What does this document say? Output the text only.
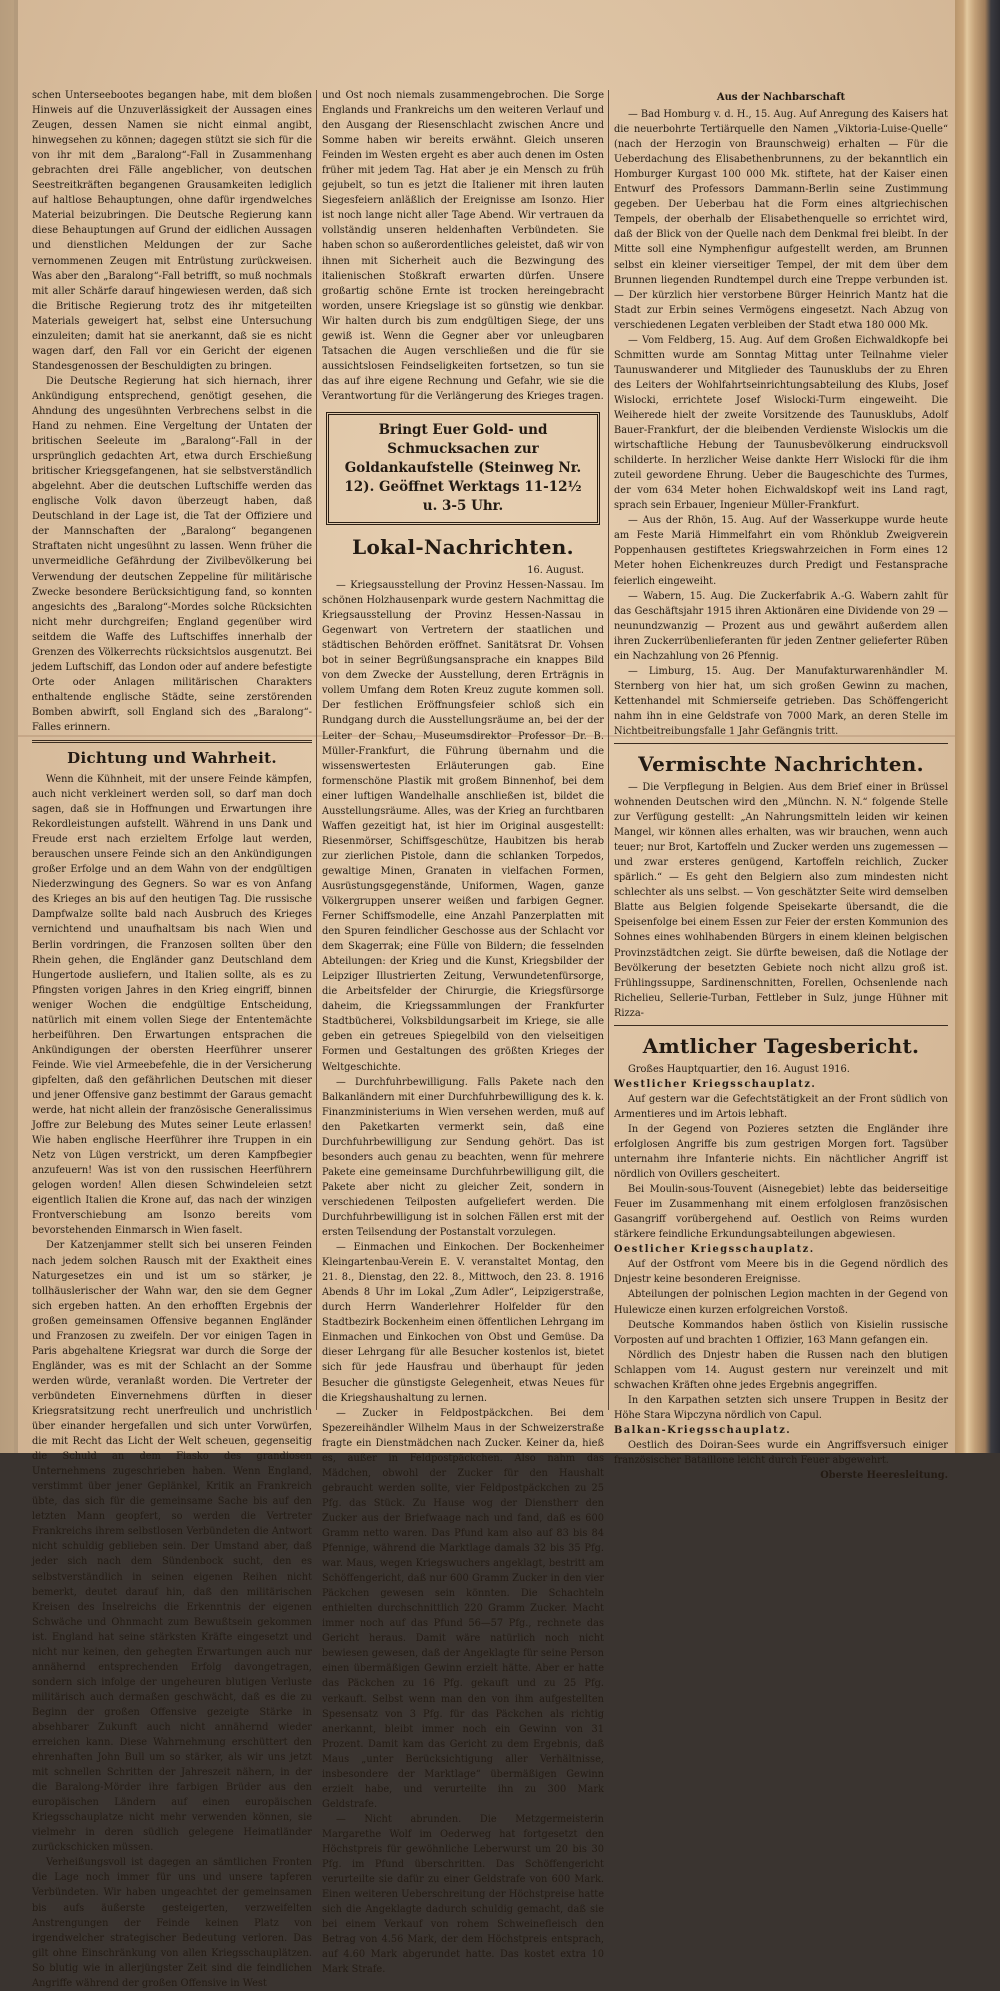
schen Unterseebootes begangen habe, mit dem bloßen Hinweis auf die Unzuverlässigkeit der Aussagen eines Zeugen, dessen Namen sie nicht einmal angibt, hinwegsehen zu können; dagegen stützt sie sich für die von ihr mit dem „Baralong“-Fall in Zusammenhang gebrachten drei Fälle angeblicher, von deutschen Seestreitkräften begangenen Grausamkeiten lediglich auf haltlose Behauptungen, ohne dafür irgendwelches Material beizubringen. Die Deutsche Regierung kann diese Behauptungen auf Grund der eidlichen Aussagen und dienstlichen Meldungen der zur Sache vernommenen Zeugen mit Entrüstung zurückweisen. Was aber den „Baralong“-Fall betrifft, so muß nochmals mit aller Schärfe darauf hingewiesen werden, daß sich die Britische Regierung trotz des ihr mitgeteilten Materials geweigert hat, selbst eine Untersuchung einzuleiten; damit hat sie anerkannt, daß sie es nicht wagen darf, den Fall vor ein Gericht der eigenen Standesgenossen der Beschuldigten zu bringen.

Die Deutsche Regierung hat sich hiernach, ihrer Ankündigung entsprechend, genötigt gesehen, die Ahndung des ungesühnten Verbrechens selbst in die Hand zu nehmen. Eine Vergeltung der Untaten der britischen Seeleute im „Baralong“-Fall in der ursprünglich gedachten Art, etwa durch Erschießung britischer Kriegsgefangenen, hat sie selbstverständlich abgelehnt. Aber die deutschen Luftschiffe werden das englische Volk davon überzeugt haben, daß Deutschland in der Lage ist, die Tat der Offiziere und der Mannschaften der „Baralong“ begangenen Straftaten nicht ungesühnt zu lassen. Wenn früher die unvermeidliche Gefährdung der Zivilbevölkerung bei Verwendung der deutschen Zeppeline für militärische Zwecke besondere Berücksichtigung fand, so konnten angesichts des „Baralong“-Mordes solche Rücksichten nicht mehr durchgreifen; England gegenüber wird seitdem die Waffe des Luftschiffes innerhalb der Grenzen des Völkerrechts rücksichtslos ausgenutzt. Bei jedem Luftschiff, das London oder auf andere befestigte Orte oder Anlagen militärischen Charakters enthaltende englische Städte, seine zerstörenden Bomben abwirft, soll England sich des „Baralong“-Falles erinnern.

Dichtung und Wahrheit.

Wenn die Kühnheit, mit der unsere Feinde kämpfen, auch nicht verkleinert werden soll, so darf man doch sagen, daß sie in Hoffnungen und Erwartungen ihre Rekordleistungen aufstellt. Während in uns Dank und Freude erst nach erzieltem Erfolge laut werden, berauschen unsere Feinde sich an den Ankündigungen großer Erfolge und an dem Wahn von der endgültigen Niederzwingung des Gegners. So war es von Anfang des Krieges an bis auf den heutigen Tag. Die russische Dampfwalze sollte bald nach Ausbruch des Krieges vernichtend und unaufhaltsam bis nach Wien und Berlin vordringen, die Franzosen sollten über den Rhein gehen, die Engländer ganz Deutschland dem Hungertode ausliefern, und Italien sollte, als es zu Pfingsten vorigen Jahres in den Krieg eingriff, binnen weniger Wochen die endgültige Entscheidung, natürlich mit einem vollen Siege der Ententemächte herbeiführen. Den Erwartungen entsprachen die Ankündigungen der obersten Heerführer unserer Feinde. Wie viel Armeebefehle, die in der Versicherung gipfelten, daß den gefährlichen Deutschen mit dieser und jener Offensive ganz bestimmt der Garaus gemacht werde, hat nicht allein der französische Generalissimus Joffre zur Belebung des Mutes seiner Leute erlassen! Wie haben englische Heerführer ihre Truppen in ein Netz von Lügen verstrickt, um deren Kampfbegier anzufeuern! Was ist von den russischen Heerführern gelogen worden! Allen diesen Schwindeleien setzt eigentlich Italien die Krone auf, das nach der winzigen Frontverschiebung am Isonzo bereits vom bevorstehenden Einmarsch in Wien faselt.

Der Katzenjammer stellt sich bei unseren Feinden nach jedem solchen Rausch mit der Exaktheit eines Naturgesetzes ein und ist um so stärker, je tollhäuslerischer der Wahn war, den sie dem Gegner sich ergeben hatten. An den erhofften Ergebnis der großen gemeinsamen Offensive begannen Engländer und Franzosen zu zweifeln. Der vor einigen Tagen in Paris abgehaltene Kriegsrat war durch die Sorge der Engländer, was es mit der Schlacht an der Somme werden würde, veranlaßt worden. Die Vertreter der verbündeten Einvernehmens dürften in dieser Kriegsratsitzung recht unerfreulich und unchristlich über einander hergefallen und sich unter Vorwürfen, die mit Recht das Licht der Welt scheuen, gegenseitig die Schuld an dem Fiasko des grandiosen Unternehmens zugeschrieben haben. Wenn England, verstimmt über jener Geplänkel, Kritik an Frankreich übte, das sich für die gemeinsame Sache bis auf den letzten Mann geopfert, so werden die Vertreter Frankreichs ihrem selbstlosen Verbündeten die Antwort nicht schuldig geblieben sein. Der Umstand aber, daß jeder sich nach dem Sündenbock sucht, den es selbstverständlich in seinen eigenen Reihen nicht bemerkt, deutet darauf hin, daß den militärischen Kreisen des Inselreichs die Erkenntnis der eigenen Schwäche und Ohnmacht zum Bewußtsein gekommen ist. England hat seine stärksten Kräfte eingesetzt und nicht nur keinen, den gehegten Erwartungen auch nur annähernd entsprechenden Erfolg davongetragen, sondern sich infolge der ungeheuren blutigen Verluste militärisch auch dermaßen geschwächt, daß es die zu Beginn der großen Offensive gezeigte Stärke in absehbarer Zukunft auch nicht annähernd wieder erreichen kann. Diese Wahrnehmung erschüttert den ehrenhaften John Bull um so stärker, als wir uns jetzt mit schnellen Schritten der Jahreszeit nähern, in der die Baralong-Mörder ihre farbigen Brüder aus den europäischen Ländern auf einen europäischen Kriegsschauplatze nicht mehr verwenden können, sie vielmehr in deren südlich gelegene Heimatländer zurückschicken müssen.

Verheißungsvoll ist dagegen an sämtlichen Fronten die Lage noch immer für uns und unsere tapferen Verbündeten. Wir haben ungeachtet der gemeinsamen bis aufs äußerste gesteigerten, verzweifelten Anstrengungen der Feinde keinen Platz von irgendwelcher strategischer Bedeutung verloren. Das gilt ohne Einschränkung von allen Kriegsschauplätzen. So blutig wie in allerjüngster Zeit sind die feindlichen Angriffe während der großen Offensive in West

und Ost noch niemals zusammengebrochen. Die Sorge Englands und Frankreichs um den weiteren Verlauf und den Ausgang der Riesenschlacht zwischen Ancre und Somme haben wir bereits erwähnt. Gleich unseren Feinden im Westen ergeht es aber auch denen im Osten früher mit jedem Tag. Hat aber je ein Mensch zu früh gejubelt, so tun es jetzt die Italiener mit ihren lauten Siegesfeiern anläßlich der Ereignisse am Isonzo. Hier ist noch lange nicht aller Tage Abend. Wir vertrauen da vollständig unseren heldenhaften Verbündeten. Sie haben schon so außerordentliches geleistet, daß wir von ihnen mit Sicherheit auch die Bezwingung des italienischen Stoßkraft erwarten dürfen. Unsere großartig schöne Ernte ist trocken hereingebracht worden, unsere Kriegslage ist so günstig wie denkbar. Wir halten durch bis zum endgültigen Siege, der uns gewiß ist. Wenn die Gegner aber vor unleugbaren Tatsachen die Augen verschließen und die für sie aussichtslosen Feindseligkeiten fortsetzen, so tun sie das auf ihre eigene Rechnung und Gefahr, wie sie die Verantwortung für die Verlängerung des Krieges tragen.

Bringt Euer Gold- und Schmucksachen zur Goldankaufstelle (Steinweg Nr. 12). Geöffnet Werktags 11-12½ u. 3-5 Uhr.
Lokal-Nachrichten.
16. August.

— Kriegsausstellung der Provinz Hessen-Nassau. Im schönen Holzhausenpark wurde gestern Nachmittag die Kriegsausstellung der Provinz Hessen-Nassau in Gegenwart von Vertretern der staatlichen und städtischen Behörden eröffnet. Sanitätsrat Dr. Vohsen bot in seiner Begrüßungsansprache ein knappes Bild von dem Zwecke der Ausstellung, deren Erträgnis in vollem Umfang dem Roten Kreuz zugute kommen soll. Der festlichen Eröffnungsfeier schloß sich ein Rundgang durch die Ausstellungsräume an, bei der der Leiter der Schau, Museumsdirektor Professor Dr. B. Müller-Frankfurt, die Führung übernahm und die wissenswertesten Erläuterungen gab. Eine formenschöne Plastik mit großem Binnenhof, bei dem einer luftigen Wandelhalle anschließen ist, bildet die Ausstellungsräume. Alles, was der Krieg an furchtbaren Waffen gezeitigt hat, ist hier im Original ausgestellt: Riesenmörser, Schiffsgeschütze, Haubitzen bis herab zur zierlichen Pistole, dann die schlanken Torpedos, gewaltige Minen, Granaten in vielfachen Formen, Ausrüstungsgegenstände, Uniformen, Wagen, ganze Völkergruppen unserer weißen und farbigen Gegner. Ferner Schiffsmodelle, eine Anzahl Panzerplatten mit den Spuren feindlicher Geschosse aus der Schlacht vor dem Skagerrak; eine Fülle von Bildern; die fesselnden Abteilungen: der Krieg und die Kunst, Kriegsbilder der Leipziger Illustrierten Zeitung, Verwundetenfürsorge, die Arbeitsfelder der Chirurgie, die Kriegsfürsorge daheim, die Kriegssammlungen der Frankfurter Stadtbücherei, Volksbildungsarbeit im Kriege, sie alle geben ein getreues Spiegelbild von den vielseitigen Formen und Gestaltungen des größten Krieges der Weltgeschichte.

— Durchfuhrbewilligung. Falls Pakete nach den Balkanländern mit einer Durchfuhrbewilligung des k. k. Finanzministeriums in Wien versehen werden, muß auf den Paketkarten vermerkt sein, daß eine Durchfuhrbewilligung zur Sendung gehört. Das ist besonders auch genau zu beachten, wenn für mehrere Pakete eine gemeinsame Durchfuhrbewilligung gilt, die Pakete aber nicht zu gleicher Zeit, sondern in verschiedenen Teilposten aufgeliefert werden. Die Durchfuhrbewilligung ist in solchen Fällen erst mit der ersten Teilsendung der Postanstalt vorzulegen.

— Einmachen und Einkochen. Der Bockenheimer Kleingartenbau-Verein E. V. veranstaltet Montag, den 21. 8., Dienstag, den 22. 8., Mittwoch, den 23. 8. 1916 Abends 8 Uhr im Lokal „Zum Adler“, Leipzigerstraße, durch Herrn Wanderlehrer Holfelder für den Stadtbezirk Bockenheim einen öffentlichen Lehrgang im Einmachen und Einkochen von Obst und Gemüse. Da dieser Lehrgang für alle Besucher kostenlos ist, bietet sich für jede Hausfrau und überhaupt für jeden Besucher die günstigste Gelegenheit, etwas Neues für die Kriegshaushaltung zu lernen.

— Zucker in Feldpostpäckchen. Bei dem Spezereihändler Wilhelm Maus in der Schweizerstraße fragte ein Dienstmädchen nach Zucker. Keiner da, hieß es, außer in Feldpostpäckchen. Also nahm das Mädchen, obwohl der Zucker für den Haushalt gebraucht werden sollte, vier Feldpostpäckchen zu 25 Pfg. das Stück. Zu Hause wog der Dienstherr den Zucker aus der Briefwaage nach und fand, daß es 600 Gramm netto waren. Das Pfund kam also auf 83 bis 84 Pfennige, während die Marktlage damals 32 bis 35 Pfg. war. Maus, wegen Kriegswuchers angeklagt, bestritt am Schöffengericht, daß nur 600 Gramm Zucker in den vier Päckchen gewesen sein könnten. Die Schachteln enthielten durchschnittlich 220 Gramm Zucker. Macht immer noch auf das Pfund 56—57 Pfg., rechnete das Gericht heraus. Damit wäre natürlich noch nicht bewiesen gewesen, daß der Angeklagte für seine Person einen übermäßigen Gewinn erzielt hätte. Aber er hatte das Päckchen zu 16 Pfg. gekauft und zu 25 Pfg. verkauft. Selbst wenn man den von ihm aufgestellten Spesensatz von 3 Pfg. für das Päckchen als richtig anerkannt, bleibt immer noch ein Gewinn von 31 Prozent. Damit kam das Gericht zu dem Ergebnis, daß Maus „unter Berücksichtigung aller Verhältnisse, insbesondere der Marktlage“ übermäßigen Gewinn erzielt habe, und verurteilte ihn zu 300 Mark Geldstrafe.

— Nicht abrunden. Die Metzgermeisterin Margarethe Wolf im Oederweg hat fortgesetzt den Höchstpreis für gewöhnliche Leberwurst um 20 bis 30 Pfg. im Pfund überschritten. Das Schöffengericht verurteilte sie dafür zu einer Geldstrafe von 600 Mark. Einen weiteren Ueberschreitung der Höchstpreise hatte sich die Angeklagte dadurch schuldig gemacht, daß sie bei einem Verkauf von rohem Schweinefleisch den Betrag von 4.56 Mark, der dem Höchstpreis entsprach, auf 4.60 Mark abgerundet hatte. Das kostet extra 10 Mark Strafe.

Aus der Nachbarschaft

— Bad Homburg v. d. H., 15. Aug. Auf Anregung des Kaisers hat die neuerbohrte Tertiärquelle den Namen „Viktoria-Luise-Quelle“ (nach der Herzogin von Braunschweig) erhalten — Für die Ueberdachung des Elisabethenbrunnens, zu der bekanntlich ein Homburger Kurgast 100 000 Mk. stiftete, hat der Kaiser einen Entwurf des Professors Dammann-Berlin seine Zustimmung gegeben. Der Ueberbau hat die Form eines altgriechischen Tempels, der oberhalb der Elisabethenquelle so errichtet wird, daß der Blick von der Quelle nach dem Denkmal frei bleibt. In der Mitte soll eine Nymphenfigur aufgestellt werden, am Brunnen selbst ein kleiner vierseitiger Tempel, der mit dem über dem Brunnen liegenden Rundtempel durch eine Treppe verbunden ist. — Der kürzlich hier verstorbene Bürger Heinrich Mantz hat die Stadt zur Erbin seines Vermögens eingesetzt. Nach Abzug von verschiedenen Legaten verbleiben der Stadt etwa 180 000 Mk.

— Vom Feldberg, 15. Aug. Auf dem Großen Eichwaldkopfe bei Schmitten wurde am Sonntag Mittag unter Teilnahme vieler Taunuswanderer und Mitglieder des Taunusklubs der zu Ehren des Leiters der Wohlfahrtseinrichtungsabteilung des Klubs, Josef Wislocki, errichtete Josef Wislocki-Turm eingeweiht. Die Weiherede hielt der zweite Vorsitzende des Taunusklubs, Adolf Bauer-Frankfurt, der die bleibenden Verdienste Wislockis um die wirtschaftliche Hebung der Taunusbevölkerung eindrucksvoll schilderte. In herzlicher Weise dankte Herr Wislocki für die ihm zuteil gewordene Ehrung. Ueber die Baugeschichte des Turmes, der vom 634 Meter hohen Eichwaldskopf weit ins Land ragt, sprach sein Erbauer, Ingenieur Müller-Frankfurt.

— Aus der Rhön, 15. Aug. Auf der Wasserkuppe wurde heute am Feste Mariä Himmelfahrt ein vom Rhönklub Zweigverein Poppenhausen gestiftetes Kriegswahrzeichen in Form eines 12 Meter hohen Eichenkreuzes durch Predigt und Festansprache feierlich eingeweiht.

— Wabern, 15. Aug. Die Zuckerfabrik A.-G. Wabern zahlt für das Geschäftsjahr 1915 ihren Aktionären eine Dividende von 29 — neunundzwanzig — Prozent aus und gewährt außerdem allen ihren Zuckerrübenlieferanten für jeden Zentner gelieferter Rüben ein Nachzahlung von 26 Pfennig.

— Limburg, 15. Aug. Der Manufakturwarenhändler M. Sternberg von hier hat, um sich großen Gewinn zu machen, Kettenhandel mit Schmierseife getrieben. Das Schöffengericht nahm ihn in eine Geldstrafe von 7000 Mark, an deren Stelle im Nichtbeitreibungsfalle 1 Jahr Gefängnis tritt.

Vermischte Nachrichten.

— Die Verpflegung in Belgien. Aus dem Brief einer in Brüssel wohnenden Deutschen wird den „Münchn. N. N.“ folgende Stelle zur Verfügung gestellt: „An Nahrungsmitteln leiden wir keinen Mangel, wir können alles erhalten, was wir brauchen, wenn auch teuer; nur Brot, Kartoffeln und Zucker werden uns zugemessen — und zwar ersteres genügend, Kartoffeln reichlich, Zucker spärlich.“ — Es geht den Belgiern also zum mindesten nicht schlechter als uns selbst. — Von geschätzter Seite wird demselben Blatte aus Belgien folgende Speisekarte übersandt, die die Speisenfolge bei einem Essen zur Feier der ersten Kommunion des Sohnes eines wohlhabenden Bürgers in einem kleinen belgischen Provinzstädtchen zeigt. Sie dürfte beweisen, daß die Notlage der Bevölkerung der besetzten Gebiete noch nicht allzu groß ist. Frühlingssuppe, Sardinenschnitten, Forellen, Ochsenlende nach Richelieu, Sellerie-Turban, Fettleber in Sulz, junge Hühner mit Rizza-

Amtlicher Tagesbericht.

Großes Hauptquartier, den 16. August 1916.

Westlicher Kriegsschauplatz.

Auf gestern war die Gefechtstätigkeit an der Front südlich von Armentieres und im Artois lebhaft.

In der Gegend von Pozieres setzten die Engländer ihre erfolglosen Angriffe bis zum gestrigen Morgen fort. Tagsüber unternahm ihre Infanterie nichts. Ein nächtlicher Angriff ist nördlich von Ovillers gescheitert.

Bei Moulin-sous-Touvent (Aisnegebiet) lebte das beiderseitige Feuer im Zusammenhang mit einem erfolglosen französischen Gasangriff vorübergehend auf. Oestlich von Reims wurden stärkere feindliche Erkundungsabteilungen abgewiesen.

Oestlicher Kriegsschauplatz.

Auf der Ostfront vom Meere bis in die Gegend nördlich des Dnjestr keine besonderen Ereignisse.

Abteilungen der polnischen Legion machten in der Gegend von Hulewicze einen kurzen erfolgreichen Vorstoß.

Deutsche Kommandos haben östlich von Kisielin russische Vorposten auf und brachten 1 Offizier, 163 Mann gefangen ein.

Nördlich des Dnjestr haben die Russen nach den blutigen Schlappen vom 14. August gestern nur vereinzelt und mit schwachen Kräften ohne jedes Ergebnis angegriffen.

In den Karpathen setzten sich unsere Truppen in Besitz der Höhe Stara Wipczyna nördlich von Capul.

Balkan-Kriegsschauplatz.

Oestlich des Doiran-Sees wurde ein Angriffsversuch einiger französischer Bataillone leicht durch Feuer abgewehrt.

Oberste Heeresleitung.
